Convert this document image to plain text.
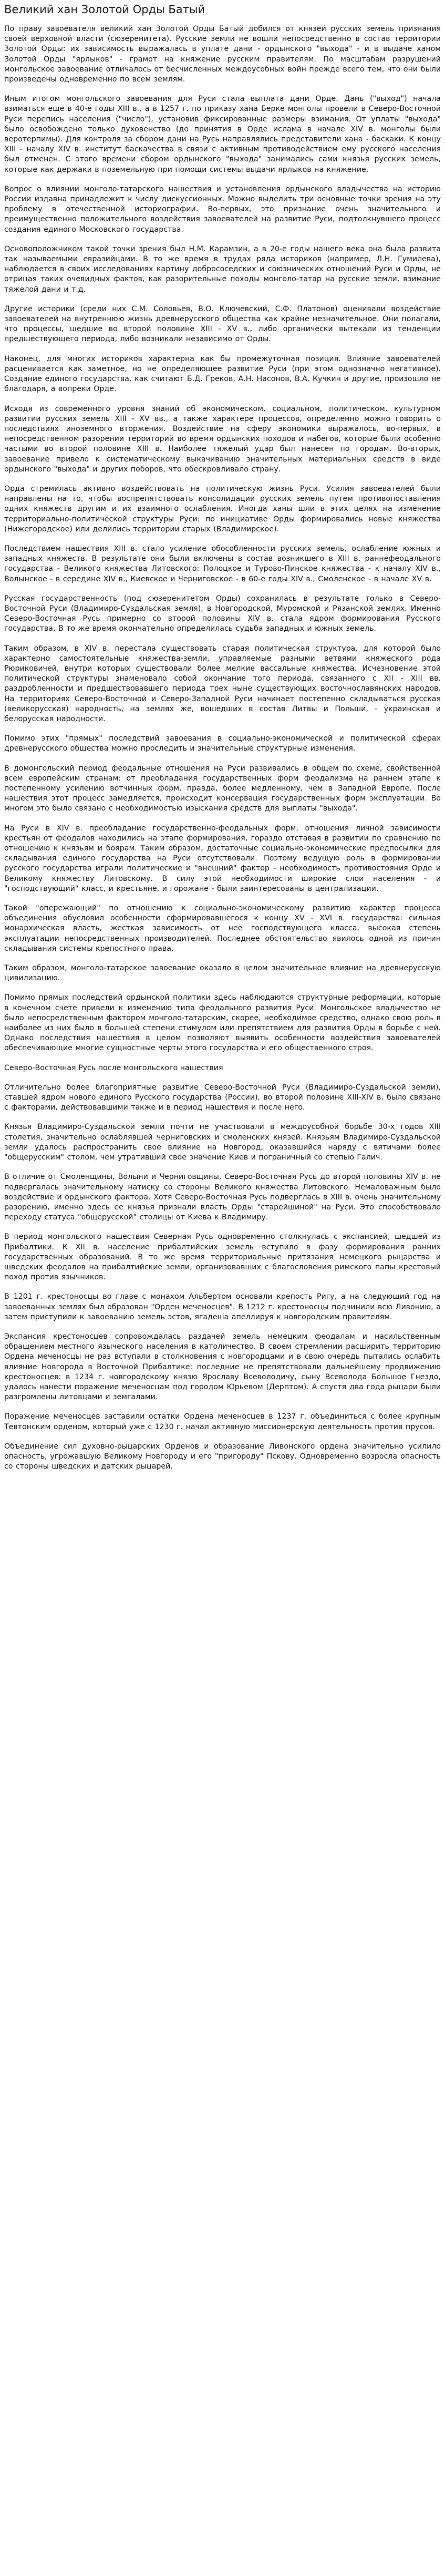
Великий хан Золотой Орды Батый

По праву завоевателя великий хан Золотой Орды Батый добился от князей русских земель признания своей верховной власти (сюзеренитета). Русские земли не вошли непосредственно в состав территории Золотой Орды: их зависимость выражалась в уплате дани - ордынского "выхода" - и в выдаче ханом Золотой Орды "ярлыков" - грамот на княжение русским правителям. По масштабам разрушений монгольское завоевание отличалось от бесчисленных междоусобных войн прежде всего тем, что они были произведены одновременно по всем землям.

Иным итогом монгольского завоевания для Руси стала выплата дани Орде. Дань ("выход") начала взиматься еще в 40-е годы XIII в., а в 1257 г. по приказу хана Берке монголы провели в Северо-Восточной Руси перепись населения ("число"), установив фиксированные размеры взимания. От уплаты "выхода" было освобождено только духовенство (до принятия в Орде ислама в начале XIV в. монголы были веротерпимы). Для контроля за сбором дани на Русь направлялись представители хана - баскаки. К концу XIII - началу XIV в. институт баскачества в связи с активным противодействием ему русского населения был отменен. С этого времени сбором ордынского "выхода" занимались сами князья русских земель, которые как держаки в поземельную при помощи системы выдачи ярлыков на княжение.

Вопрос о влиянии монголо-татарского нашествия и установления ордынского владычества на историю России издавна принадлежит к числу дискуссионных. Можно выделить три основные точки зрения на эту проблему в отечественной историографии. Во-первых, это признание очень значительного и преимущественно положительного воздействия завоевателей на развитие Руси, подтолкнувшего процесс создания единого Московского государства.

Основоположником такой точки зрения был Н.М. Карамзин, а в 20-е годы нашего века она была развита так называемыми евразийцами. В то же время в трудах ряда историков (например, Л.Н. Гумилева), наблюдается в своих исследованиях картину добрососедских и союзнических отношений Руси и Орды, не отрицая таких очевидных фактов, как разорительные походы монголо-татар на русские земли, взимание тяжелой дани и т.д.

Другие историки (среди них С.М. Соловьев, В.О. Ключевский, С.Ф. Платонов) оценивали воздействие завоевателей на внутреннюю жизнь древнерусского общества как крайне незначительное. Они полагали, что процессы, шедшие во второй половине XIII - XV в., либо органически вытекали из тенденции предшествующего периода, либо возникали независимо от Орды.

Наконец, для многих историков характерна как бы промежуточная позиция. Влияние завоевателей расценивается как заметное, но не определяющее развитие Руси (при этом однозначно негативное). Создание единого государства, как считают Б.Д. Греков, А.Н. Насонов, В.А. Кучкин и другие, произошло не благодаря, а вопреки Орде.

Исходя из современного уровня знаний об экономическом, социальном, политическом, культурном развитии русских земель XIII - XV вв., а также характере процессов, определенно можно говорить о последствиях иноземного вторжения. Воздействие на сферу экономики выражалось, во-первых, в непосредственном разорении территорий во время ордынских походов и набегов, которые были особенно частыми во второй половине XIII в. Наиболее тяжелый удар был нанесен по городам. Во-вторых, завоевание привело к систематическому выкачиванию значительных материальных средств в виде ордынского "выхода" и других поборов, что обескровливало страну.

Орда стремилась активно воздействовать на политическую жизнь Руси. Усилия завоевателей были направлены на то, чтобы воспрепятствовать консолидации русских земель путем противопоставления одних княжеств другим и их взаимного ослабления. Иногда ханы шли в этих целях на изменение территориально-политической структуры Руси: по инициативе Орды формировались новые княжества (Нижегородское) или делились территории старых (Владимирское).

Последствием нашествия XIII в. стало усиление обособленности русских земель, ослабление южных и западных княжеств. В результате они были включены в состав возникшего в XIII в. раннефеодального государства - Великого княжества Литовского: Полоцкое и Турово-Пинское княжества - к началу XIV в., Волынское - в середине XIV в., Киевское и Черниговское - в 60-е годы XIV в., Смоленское - в начале XV в.

Русская государственность (под сюзеренитетом Орды) сохранилась в результате только в Северо-Восточной Руси (Владимиро-Суздальская земля), в Новгородской, Муромской и Рязанской землях. Именно Северо-Восточная Русь примерно со второй половины XIV в. стала ядром формирования Русского государства. В то же время окончательно определилась судьба западных и южных земель.

Таким образом, в XIV в. перестала существовать старая политическая структура, для которой было характерно самостоятельные княжества-земли, управляемые разными ветвями княжеского рода Рюриковичей, внутри которых существовали более мелкие вассальные княжества. Исчезновение этой политической структуры знаменовало собой окончание того периода, связанного с XII - XIII вв. раздробленности и предшествовавшего периода трех ныне существующих восточнославянских народов. На территориях Северо-Восточной и Северо-Западной Руси начинает постепенно складываться русская (великорусская) народность, на землях же, вошедших в состав Литвы и Польши, - украинская и белорусская народности.

Помимо этих "прямых" последствий завоевания в социально-экономической и политической сферах древнерусского общества можно проследить и значительные структурные изменения.

В домонгольский период феодальные отношения на Руси развивались в общем по схеме, свойственной всем европейским странам: от преобладания государственных форм феодализма на раннем этапе к постепенному усилению вотчинных форм, правда, более медленному, чем в Западной Европе. После нашествия этот процесс замедляется, происходит консервация государственных форм эксплуатации. Во многом это было связано с необходимостью изыскания средств для выплаты "выхода".

На Руси в XIV в. преобладание государственно-феодальных форм, отношения личной зависимости крестьян от феодалов находились на этапе формирования, гораздо отставая в развитии по сравнению по отношению к князьям и боярам. Таким образом, достаточные социально-экономические предпосылки для складывания единого государства на Руси отсутствовали. Поэтому ведущую роль в формировании русского государства играли политические и "внешний" фактор - необходимость противостояния Орде и Великому княжеству Литовскому. В силу этой необходимости широкие слои населения - и "господствующий" класс, и крестьяне, и горожане - были заинтересованы в централизации.

Такой "опережающий" по отношению к социально-экономическому развитию характер процесса объединения обусловил особенности сформировавшегося к концу XV - XVI в. государства: сильная монархическая власть, жесткая зависимость от нее господствующего класса, высокая степень эксплуатации непосредственных производителей. Последнее обстоятельство явилось одной из причин складывания системы крепостного права.

Таким образом, монголо-татарское завоевание оказало в целом значительное влияние на древнерусскую цивилизацию.

Помимо прямых последствий ордынской политики здесь наблюдаются структурные реформации, которые в конечном счете привели к изменению типа феодального развития Руси. Монгольское владычество не было непосредственным фактором монголо-татарским, скорее, необходимое средство, однако свою роль в наиболее из них было в большей степени стимулом или препятствием для развития Орды в борьбе с ней. Однако последствия нашествия в целом позволяют выявить особенности воздействия завоевателей обеспечивающие многие сущностные черты этого государства и его общественного строя.

Северо-Восточная Русь после монгольского нашествия

Отличительно более благоприятные развитие Северо-Восточной Руси (Владимиро-Суздальской земли), ставшей ядром нового единого Русского государства (России), во второй половине XIII-XIV в. было связано с факторами, действовавшими также и в период нашествия и после него.

Князья Владимиро-Суздальской земли почти не участвовали в междоусобной борьбе 30-х годов XIII столетия, значительно ослаблявшей черниговских и смоленских князей. Князьям Владимиро-Суздальской земли удалось распространить свое влияние на Новгород, оказавшийся наряду с вятичами более "общерусским" столом, чем утративший свое значение Киев и пограничный со степью Галич.

В отличие от Смоленщины, Волыни и Черниговщины, Северо-Восточная Русь до второй половины XIV в. не подвергалась значительному натиску со стороны Великого княжества Литовского. Немаловажным было воздействие и ордынского фактора. Хотя Северо-Восточная Русь подверглась в XIII в. очень значительному разорению, именно здесь ее князья признали власть Орды "старейшиной" на Руси. Это способствовало переходу статуса "общерусской" столицы от Киева к Владимиру.

В период монгольского нашествия Северная Русь одновременно столкнулась с экспансией, шедшей из Прибалтики. К XII в. население прибалтийских земель вступило в фазу формирования ранних государственных образований. В то же время территориальные притязания немецкого рыцарства и шведских феодалов на прибалтийские земли, организовавших с благословения римского папы крестовый поход против язычников.

В 1201 г. крестоносцы во главе с монахом Альбертом основали крепость Ригу, а на следующий год на завоеванных землях был образован "Орден меченосцев". В 1212 г. крестоносцы подчинили всю Ливонию, а затем приступили к завоеванию земель эстов, ягадеша апеллируя к новгородским правителям.

Экспансия крестоносцев сопровождалась раздачей земель немецким феодалам и насильственным обращением местного языческого населения в католичество. В своем стремлении расширить территорию Ордена меченосцы не раз вступали в столкновения с новгородцами и в свою очередь пытались ослабить влияние Новгорода в Восточной Прибалтике: последние не препятствовали дальнейшему продвижению крестоносцев: в 1234 г. новгородскому князю Ярославу Всеволодичу, сыну Всеволода Большое Гнездо, удалось нанести поражение меченосцам под городом Юрьевом (Дерптом). А спустя два года рыцари были разгромлены литовцами и земгалами.

Поражение меченосцев заставили остатки Ордена меченосцев в 1237 г. объединиться с более крупным Тевтонским орденом, который уже с 1230 г. начал активную миссионерскую деятельность против прусов.

Объединение сил духовно-рыцарских Орденов и образование Ливонского ордена значительно усилило опасность, угрожавшую Великому Новгороду и его "пригороду" Пскову. Одновременно возросла опасность со стороны шведских и датских рыцарей.
